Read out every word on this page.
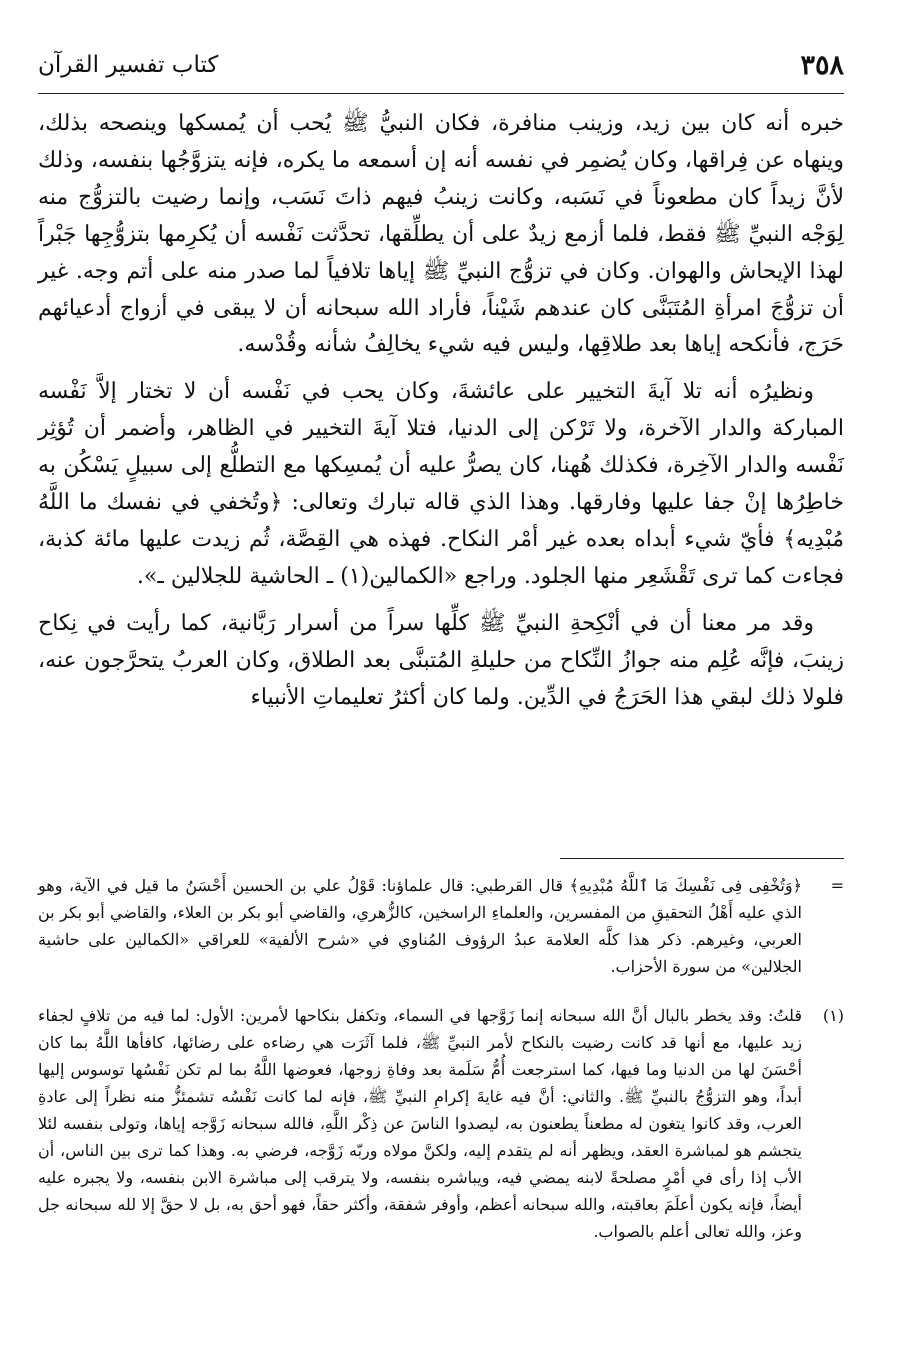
٣٥٨
كتاب تفسير القرآن

خبره أنه كان بين زيد، وزينب منافرة، فكان النبيُّ ﷺ يُحب أن يُمسكها وينصحه بذلك، وينهاه عن فِراقها، وكان يُضمِر في نفسه أنه إن أسمعه ما يكره، فإنه يتزوَّجُها بنفسه، وذلك لأنَّ زيداً كان مطعوناً في نَسَبه، وكانت زينبُ فيهم ذاتَ نَسَب، وإنما رضيت بالتزوُّج منه لِوَجْه النبيِّ ﷺ فقط، فلما أزمع زيدٌ على أن يطلِّقها، تحدَّثت نَفْسه أن يُكرِمها بتزوُّجِها جَبْراً لهذا الإيحاش والهوان. وكان في تزوُّج النبيِّ ﷺ إياها تلافياً لما صدر منه على أتم وجه. غير أن تزوُّجَ امرأةِ المُتَبَنَّى كان عندهم شَيْناً، فأراد الله سبحانه أن لا يبقى في أزواج أدعيائهم حَرَج، فأنكحه إياها بعد طلاقِها، وليس فيه شيء يخالِفُ شأنه وقُدْسه.

ونظيرُه أنه تلا آيةَ التخيير على عائشةَ، وكان يحب في نَفْسه أن لا تختار إلاَّ نَفْسه المباركة والدار الآخرة، ولا تَرْكن إلى الدنيا، فتلا آيةَ التخيير في الظاهر، وأضمر أن تُؤثِر نَفْسه والدار الآخِرة، فكذلك هُهنا، كان يصرُّ عليه أن يُمسِكها مع التطلُّع إلى سبيلٍ يَسْكُن به خاطِرُها إنْ جفا عليها وفارقها. وهذا الذي قاله تبارك وتعالى: ﴿وتُخفي في نفسك ما اللَّهُ مُبْدِيه﴾ فأيّ شيء أبداه بعده غير أمْر النكاح. فهذه هي القِصَّة، ثُم زيدت عليها مائة كذبة، فجاءت كما ترى تَقْشَعِر منها الجلود. وراجع «الكمالين(١) ـ الحاشية للجلالين ـ».

وقد مر معنا أن في أنْكِحةِ النبيِّ ﷺ كلِّها سراً من أسرار رَبَّانية، كما رأيت في نِكاح زينبَ، فإنَّه عُلِم منه جوازُ النِّكاح من حليلةِ المُتبنَّى بعد الطلاق، وكان العربُ يتحرَّجون عنه، فلولا ذلك لبقي هذا الحَرَجُ في الدِّين. ولما كان أكثرُ تعليماتِ الأنبياء

=
﴿وَتُخْفِى فِى نَفْسِكَ مَا ٱللَّهُ مُبْدِيهِ﴾ قال القرطبي: قال علماؤنا: قَوْلُ علي بن الحسين أَحْسَنُ ما قيل في الآية، وهو الذي عليه أَهْلُ التحقيقِ من المفسرين، والعلماءِ الراسخين، كالزُّهري، والقاضي أبو بكر بن العلاء، والقاضي أبو بكر بن العربي، وغيرهم. ذكر هذا كلَّه العلامة عبدُ الرؤوف المُناوي في «شرح الألفية» للعراقي «الكمالين على حاشية الجلالين» من سورة الأحزاب.
(١)
قلتُ: وقد يخطر بالبال أنَّ الله سبحانه إنما زَوَّجها في السماء، وتكفل بنكاحها لأمرين: الأول: لما فيه من تلافٍ لجفاء زيد عليها، مع أنها قد كانت رضيت بالنكاح لأمر النبيِّ ﷺ، فلما آثَرَت هي رضاءه على رضائها، كافأها اللَّهُ بما كان أحْسَنَ لها من الدنيا وما فيها، كما استرجعت أُمُّ سَلَمة بعد وفاةِ زوجها، فعوضها اللَّهُ بما لم تكن نَفْسُها توسوس إليها أبداً، وهو التزوُّجُ بالنبيِّ ﷺ. والثاني: أنَّ فيه غايةَ إكرامِ النبيِّ ﷺ، فإنه لما كانت نَفْسُه تشمئزُّ منه نظراً إلى عادةِ العرب، وقد كانوا يتغون له مطعناً يطعنون به، ليصدوا الناسَ عن ذِكْر اللَّهِ، فالله سبحانه زَوَّجه إياها، وتولى بنفسه لئلا يتجشم هو لمباشرة العقد، ويظهر أنه لم يتقدم إليه، ولكنَّ مولاه وربّه زَوَّجه، فرضي به. وهذا كما ترى بين الناس، أن الأب إذا رأى في أمْرٍ مصلحةً لابنه يمضي فيه، ويباشره بنفسه، ولا يترقب إلى مباشرة الابن بنفسه، ولا يجبره عليه أيضاً، فإنه يكون أعلَمَ بعاقبته، والله سبحانه أعظم، وأوفر شفقة، وأكثر حقاً، فهو أحق به، بل لا حقَّ إلا لله سبحانه جل وعز، والله تعالى أعلم بالصواب.
